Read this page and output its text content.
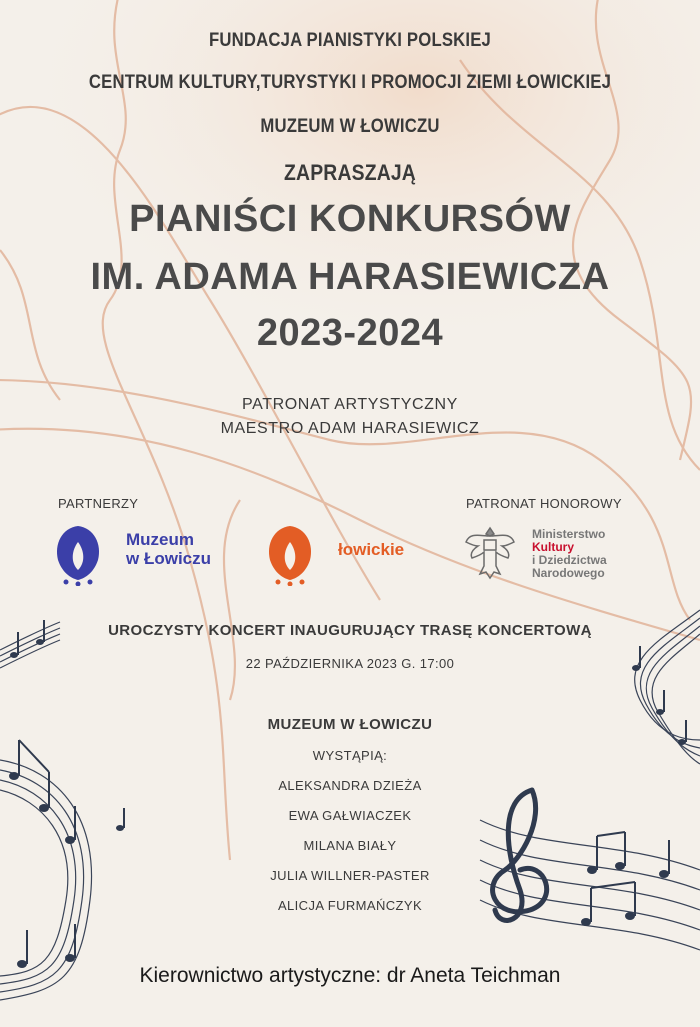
FUNDACJA PIANISTYKI POLSKIEJ
CENTRUM KULTURY,TURYSTYKI I PROMOCJI ZIEMI ŁOWICKIEJ
MUZEUM W ŁOWICZU
ZAPRASZAJĄ
PIANIŚCI KONKURSÓW
IM. ADAMA HARASIEWICZA
2023-2024
PATRONAT ARTYSTYCZNY
MAESTRO ADAM HARASIEWICZ
PARTNERZY	PATRONAT HONOROWY
Muzeum
w Łowiczu	łowickie
Ministerstwo
Kultury
i Dziedzictwa
Narodowego
UROCZYSTY KONCERT INAUGURUJĄCY TRASĘ KONCERTOWĄ
22 PAŹDZIERNIKA 2023 G. 17:00
MUZEUM W ŁOWICZU
WYSTĄPIĄ:
ALEKSANDRA DZIEŻA
EWA GAŁWIACZEK
MILANA BIAŁY
JULIA WILLNER-PASTER
ALICJA FURMAŃCZYK
Kierownictwo artystyczne: dr Aneta Teichman
